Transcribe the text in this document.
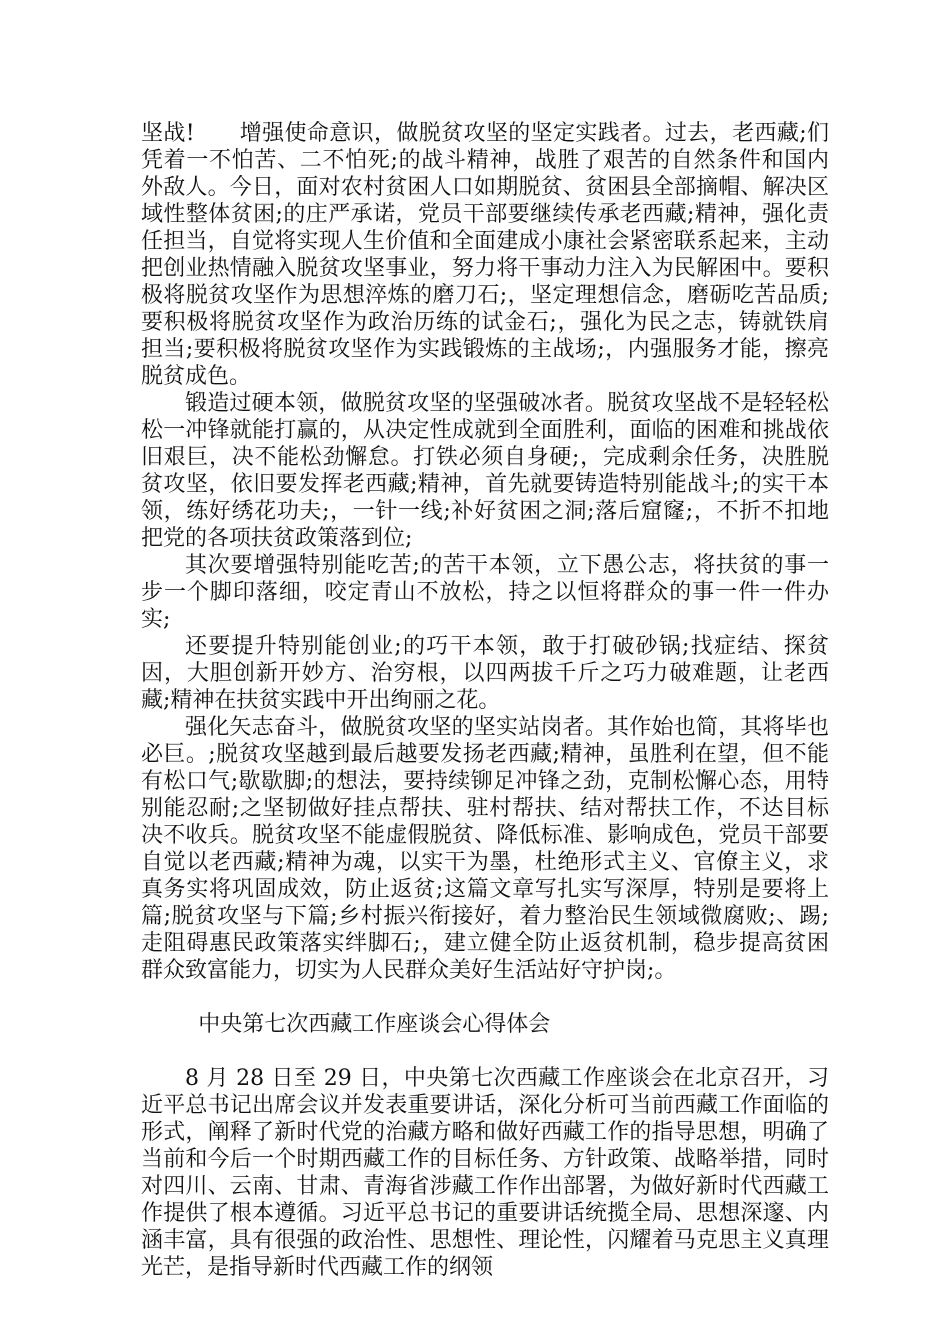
坚战!　　增强使命意识，做脱贫攻坚的坚定实践者。过去，老西藏;们凭着一不怕苦、二不怕死;的战斗精神，战胜了艰苦的自然条件和国内外敌人。今日，面对农村贫困人口如期脱贫、贫困县全部摘帽、解决区域性整体贫困;的庄严承诺，党员干部要继续传承老西藏;精神，强化责任担当，自觉将实现人生价值和全面建成小康社会紧密联系起来，主动把创业热情融入脱贫攻坚事业，努力将干事动力注入为民解困中。要积极将脱贫攻坚作为思想淬炼的磨刀石;，坚定理想信念，磨砺吃苦品质;要积极将脱贫攻坚作为政治历练的试金石;，强化为民之志，铸就铁肩担当;要积极将脱贫攻坚作为实践锻炼的主战场;，内强服务才能，擦亮脱贫成色。

锻造过硬本领，做脱贫攻坚的坚强破冰者。脱贫攻坚战不是轻轻松松一冲锋就能打赢的，从决定性成就到全面胜利，面临的困难和挑战依旧艰巨，决不能松劲懈怠。打铁必须自身硬;，完成剩余任务，决胜脱贫攻坚，依旧要发挥老西藏;精神，首先就要铸造特别能战斗;的实干本领，练好绣花功夫;，一针一线;补好贫困之洞;落后窟窿;，不折不扣地把党的各项扶贫政策落到位;

其次要增强特别能吃苦;的苦干本领，立下愚公志，将扶贫的事一步一个脚印落细，咬定青山不放松，持之以恒将群众的事一件一件办实;

还要提升特别能创业;的巧干本领，敢于打破砂锅;找症结、探贫因，大胆创新开妙方、治穷根，以四两拔千斤之巧力破难题，让老西藏;精神在扶贫实践中开出绚丽之花。

强化矢志奋斗，做脱贫攻坚的坚实站岗者。其作始也简，其将毕也必巨。;脱贫攻坚越到最后越要发扬老西藏;精神，虽胜利在望，但不能有松口气;歇歇脚;的想法，要持续铆足冲锋之劲，克制松懈心态，用特别能忍耐;之坚韧做好挂点帮扶、驻村帮扶、结对帮扶工作，不达目标决不收兵。脱贫攻坚不能虚假脱贫、降低标准、影响成色，党员干部要自觉以老西藏;精神为魂，以实干为墨，杜绝形式主义、官僚主义，求真务实将巩固成效，防止返贫;这篇文章写扎实写深厚，特别是要将上篇;脱贫攻坚与下篇;乡村振兴衔接好，着力整治民生领域微腐败;、踢;走阻碍惠民政策落实绊脚石;，建立健全防止返贫机制，稳步提高贫困群众致富能力，切实为人民群众美好生活站好守护岗;。

中央第七次西藏工作座谈会心得体会

8 月 28 日至 29 日，中央第七次西藏工作座谈会在北京召开，习近平总书记出席会议并发表重要讲话，深化分析可当前西藏工作面临的形式，阐释了新时代党的治藏方略和做好西藏工作的指导思想，明确了当前和今后一个时期西藏工作的目标任务、方针政策、战略举措，同时对四川、云南、甘肃、青海省涉藏工作作出部署，为做好新时代西藏工作提供了根本遵循。习近平总书记的重要讲话统揽全局、思想深邃、内涵丰富，具有很强的政治性、思想性、理论性，闪耀着马克思主义真理光芒，是指导新时代西藏工作的纲领
